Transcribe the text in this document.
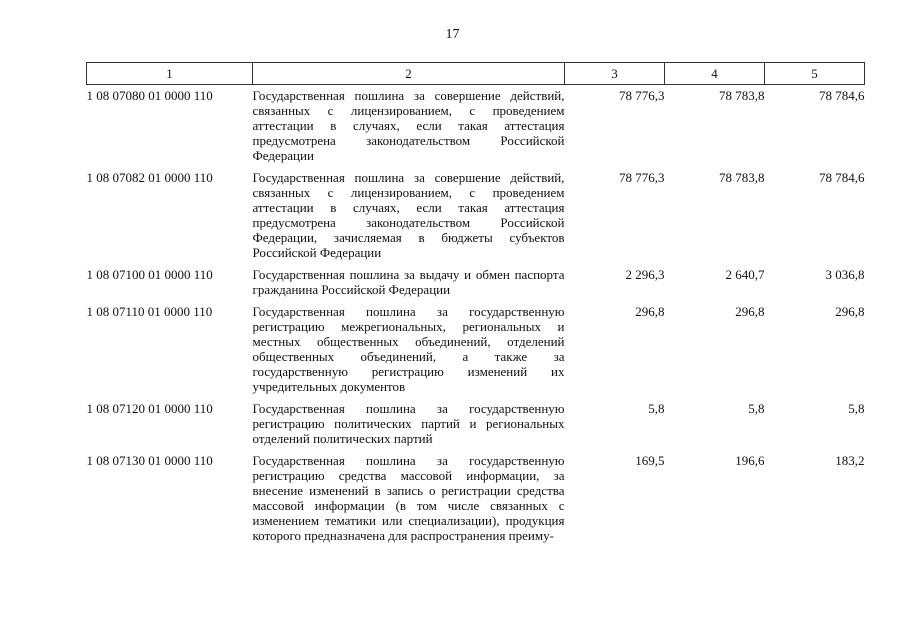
17
1	2	3	4	5
1 08 07080 01 0000 110	Государственная пошлина за совершение действий, связанных с лицензированием, с проведением аттестации в случаях, если такая аттестация предусмотрена законодательством Российской Федерации	78 776,3	78 783,8	78 784,6
1 08 07082 01 0000 110	Государственная пошлина за совершение действий, связанных с лицензированием, с проведением аттестации в случаях, если такая аттестация предусмотрена законодательством Российской Федерации, зачисляемая в бюджеты субъектов Российской Федерации	78 776,3	78 783,8	78 784,6
1 08 07100 01 0000 110	Государственная пошлина за выдачу и обмен паспорта гражданина Российской Федерации	2 296,3	2 640,7	3 036,8
1 08 07110 01 0000 110	Государственная пошлина за государственную регистрацию межрегиональных, региональных и местных общественных объединений, отделений общественных объединений, а также за государственную регистрацию изменений их учредительных документов	296,8	296,8	296,8
1 08 07120 01 0000 110	Государственная пошлина за государственную регистрацию политических партий и региональных отделений политических партий	5,8	5,8	5,8
1 08 07130 01 0000 110	Государственная пошлина за государственную регистрацию средства массовой информации, за внесение изменений в запись о регистрации средства массовой информации (в том числе связанных с изменением тематики или специализации), продукция которого предназначена для распространения преиму-	169,5	196,6	183,2
